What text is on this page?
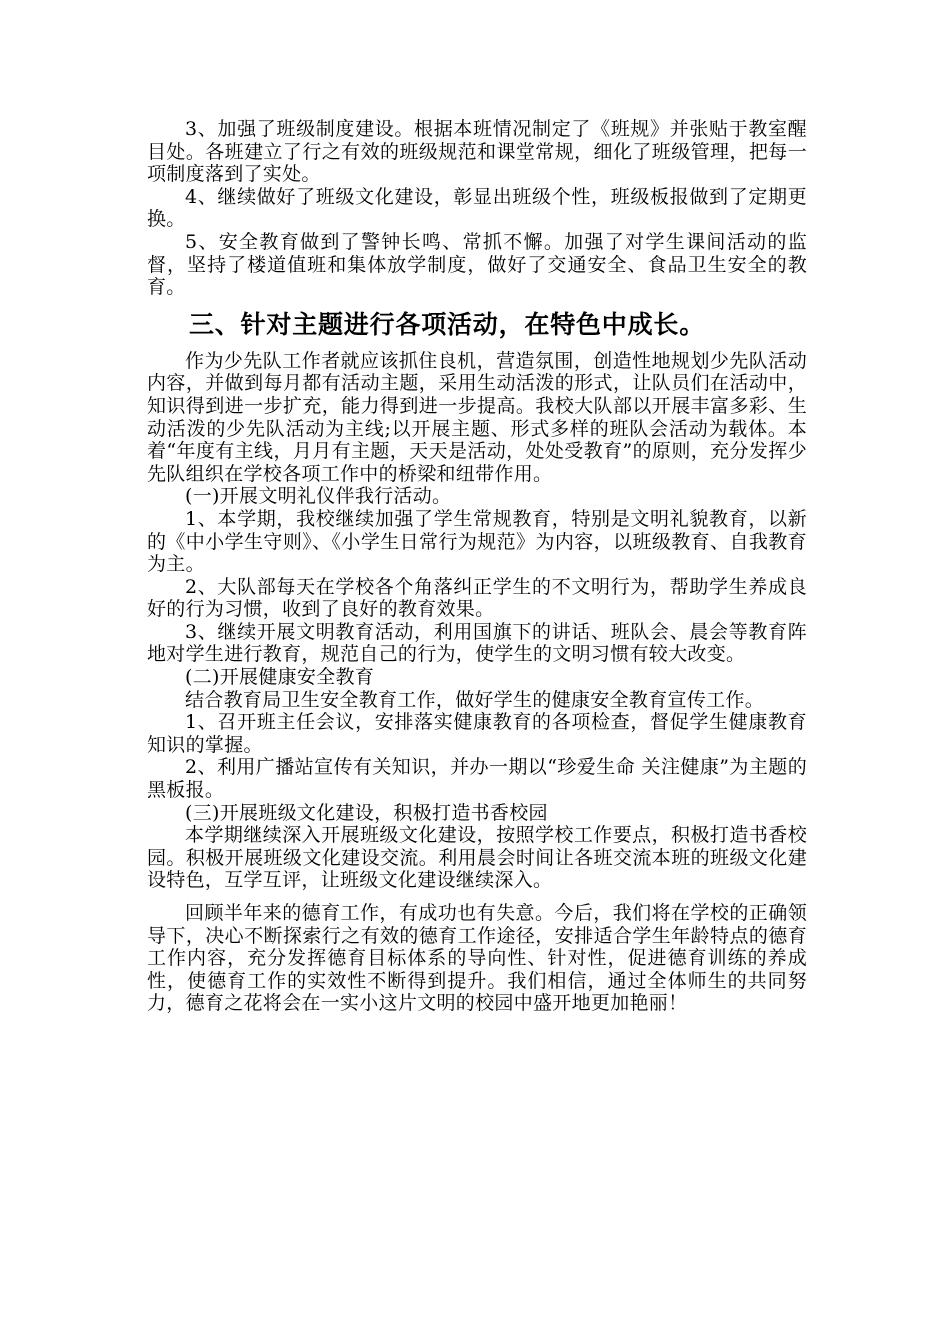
3、加强了班级制度建设。根据本班情况制定了《班规》并张贴于教室醒目处。各班建立了行之有效的班级规范和课堂常规，细化了班级管理，把每一项制度落到了实处。

4、继续做好了班级文化建设，彰显出班级个性，班级板报做到了定期更换。

5、安全教育做到了警钟长鸣、常抓不懈。加强了对学生课间活动的监督，坚持了楼道值班和集体放学制度，做好了交通安全、食品卫生安全的教育。

三、针对主题进行各项活动，在特色中成长。

作为少先队工作者就应该抓住良机，营造氛围，创造性地规划少先队活动内容，并做到每月都有活动主题，采用生动活泼的形式，让队员们在活动中，知识得到进一步扩充，能力得到进一步提高。我校大队部以开展丰富多彩、生动活泼的少先队活动为主线;以开展主题、形式多样的班队会活动为载体。本着“年度有主线，月月有主题，天天是活动，处处受教育”的原则，充分发挥少先队组织在学校各项工作中的桥梁和纽带作用。

(一)开展文明礼仪伴我行活动。

1、本学期，我校继续加强了学生常规教育，特别是文明礼貌教育，以新的《中小学生守则》、《小学生日常行为规范》为内容，以班级教育、自我教育为主。

2、大队部每天在学校各个角落纠正学生的不文明行为，帮助学生养成良好的行为习惯，收到了良好的教育效果。

3、继续开展文明教育活动，利用国旗下的讲话、班队会、晨会等教育阵地对学生进行教育，规范自己的行为，使学生的文明习惯有较大改变。

(二)开展健康安全教育

结合教育局卫生安全教育工作，做好学生的健康安全教育宣传工作。

1、召开班主任会议，安排落实健康教育的各项检查，督促学生健康教育知识的掌握。

2、利用广播站宣传有关知识，并办一期以“珍爱生命 关注健康”为主题的黑板报。

(三)开展班级文化建设，积极打造书香校园

本学期继续深入开展班级文化建设，按照学校工作要点，积极打造书香校园。积极开展班级文化建设交流。利用晨会时间让各班交流本班的班级文化建设特色，互学互评，让班级文化建设继续深入。

回顾半年来的德育工作，有成功也有失意。今后，我们将在学校的正确领导下，决心不断探索行之有效的德育工作途径，安排适合学生年龄特点的德育工作内容，充分发挥德育目标体系的导向性、针对性，促进德育训练的养成性，使德育工作的实效性不断得到提升。我们相信，通过全体师生的共同努力，德育之花将会在一实小这片文明的校园中盛开地更加艳丽！
